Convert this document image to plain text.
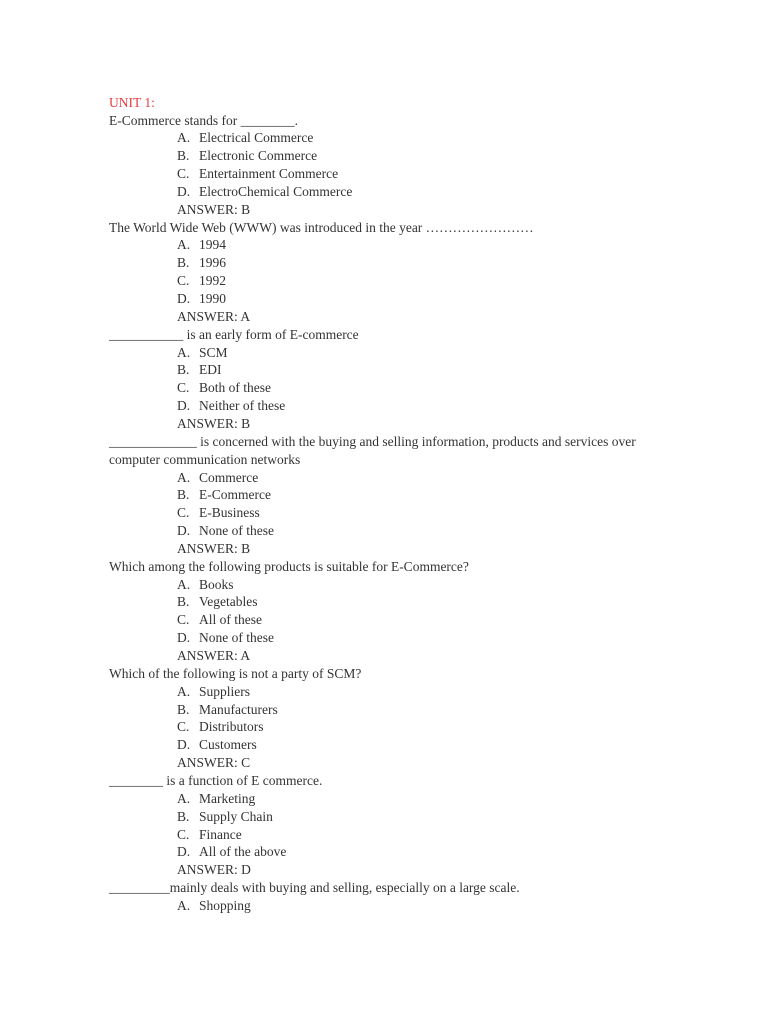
UNIT 1:
E-Commerce stands for ________.
A. Electrical Commerce
B. Electronic Commerce
C. Entertainment Commerce
D. ElectroChemical Commerce
ANSWER: B
The World Wide Web (WWW) was introduced in the year ……………………
A. 1994
B. 1996
C. 1992
D. 1990
ANSWER: A
___________ is an early form of E-commerce
A. SCM
B. EDI
C. Both of these
D. Neither of these
ANSWER: B
_____________ is concerned with the buying and selling information, products and services over computer communication networks
A. Commerce
B. E-Commerce
C. E-Business
D. None of these
ANSWER: B
Which among the following products is suitable for E-Commerce?
A. Books
B. Vegetables
C. All of these
D. None of these
ANSWER: A
Which of the following is not a party of SCM?
A. Suppliers
B. Manufacturers
C. Distributors
D. Customers
ANSWER: C
________ is a function of E commerce.
A. Marketing
B. Supply Chain
C. Finance
D. All of the above
ANSWER: D
_________mainly deals with buying and selling, especially on a large scale.
A. Shopping
